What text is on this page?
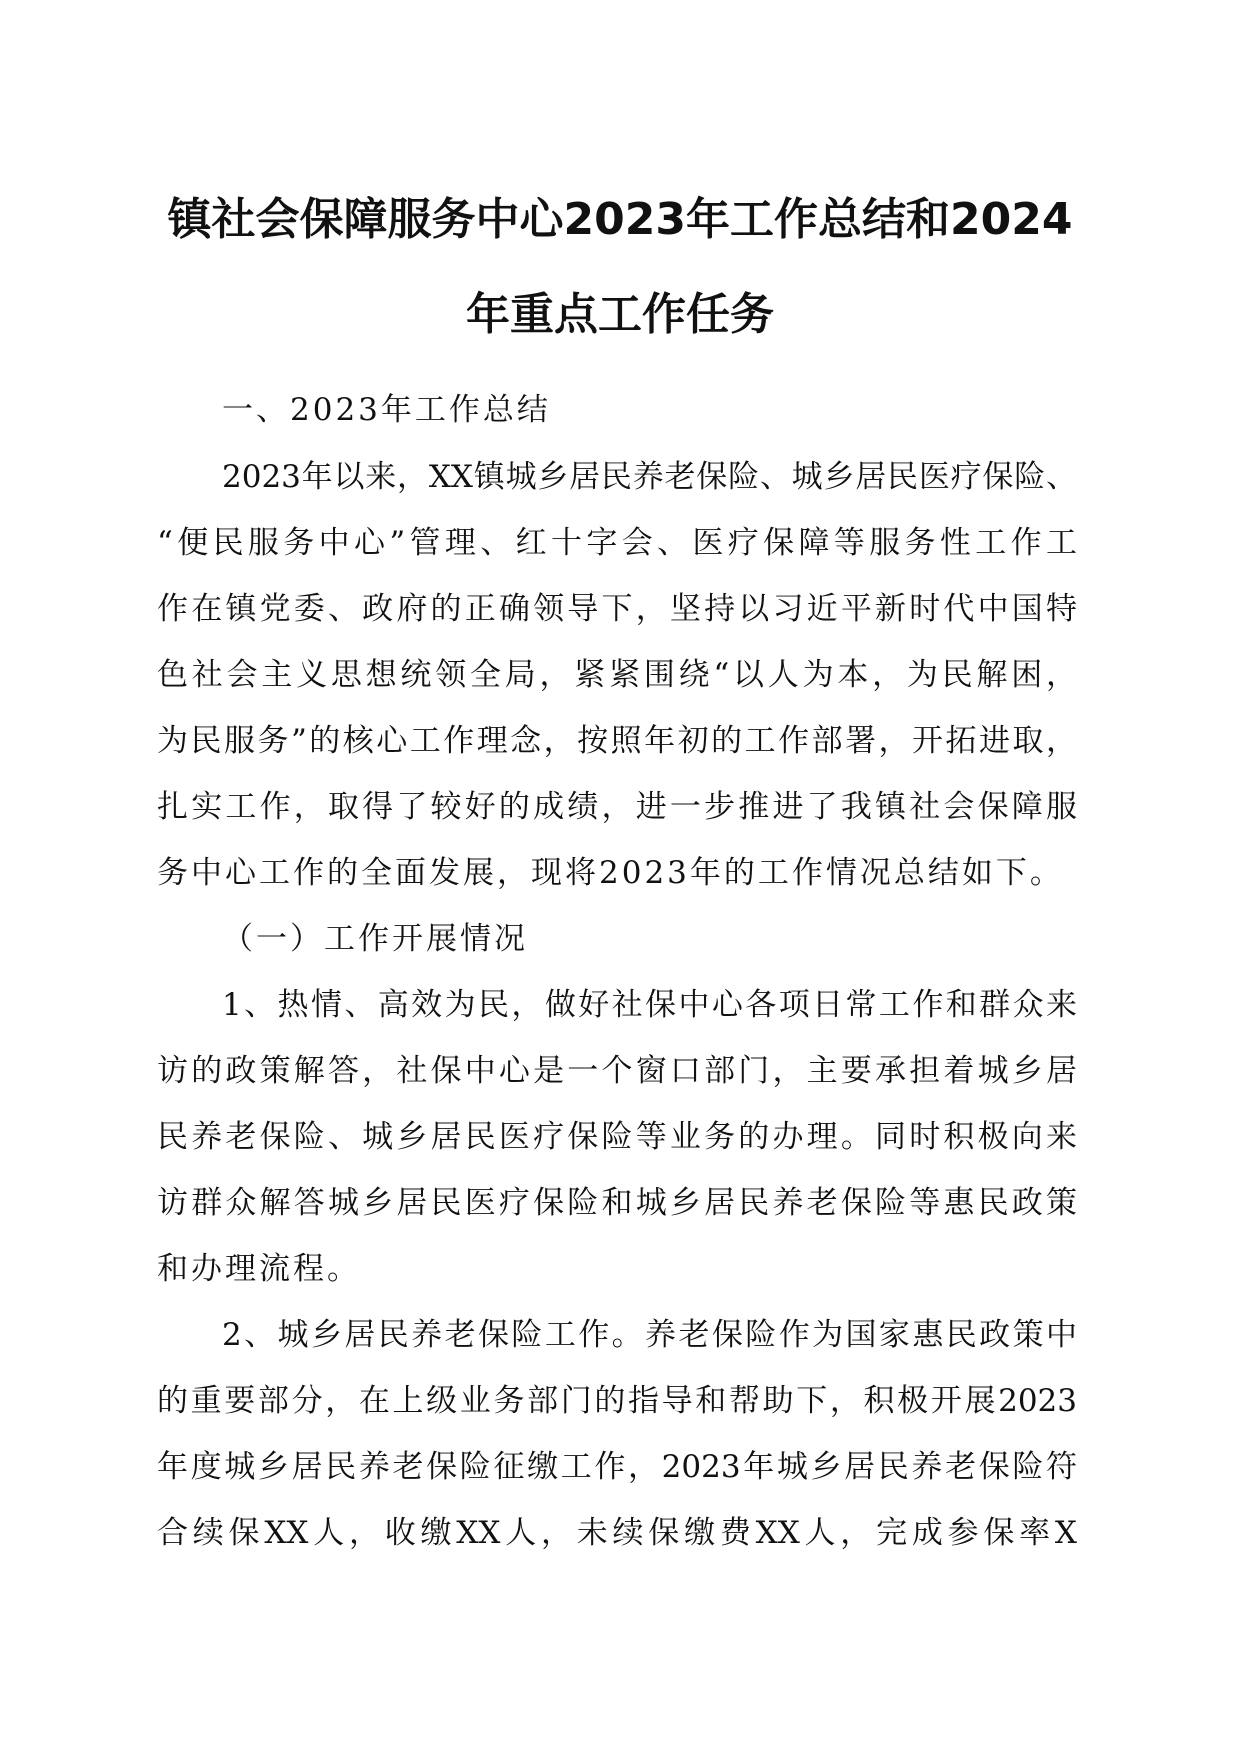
镇社会保障服务中心2023年工作总结和2024
年重点工作任务
一、2023年工作总结
2023年以来，XX镇城乡居民养老保险、城乡居民医疗保险、
“便民服务中心”管理、红十字会、医疗保障等服务性工作工
作在镇党委、政府的正确领导下，坚持以习近平新时代中国特
色社会主义思想统领全局，紧紧围绕“以人为本，为民解困，
为民服务”的核心工作理念，按照年初的工作部署，开拓进取，
扎实工作，取得了较好的成绩，进一步推进了我镇社会保障服
务中心工作的全面发展，现将2023年的工作情况总结如下。
（一）工作开展情况
1、热情、高效为民，做好社保中心各项日常工作和群众来
访的政策解答，社保中心是一个窗口部门，主要承担着城乡居
民养老保险、城乡居民医疗保险等业务的办理。同时积极向来
访群众解答城乡居民医疗保险和城乡居民养老保险等惠民政策
和办理流程。
2、城乡居民养老保险工作。养老保险作为国家惠民政策中
的重要部分，在上级业务部门的指导和帮助下，积极开展2023
年度城乡居民养老保险征缴工作，2023年城乡居民养老保险符
合续保XX人，收缴XX人，未续保缴费XX人，完成参保率X
